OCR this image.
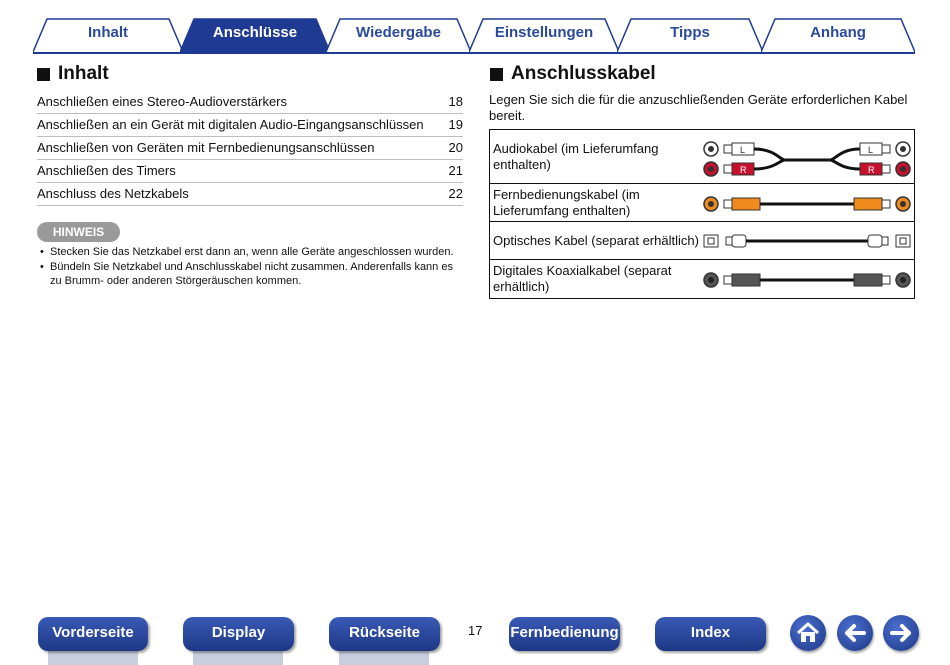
Inhalt	Anschlüsse	Wiedergabe	Einstellungen	Tipps	Anhang
Inhalt
Anschließen eines Stereo-Audioverstärkers	18
Anschließen an ein Gerät mit digitalen Audio-Eingangsanschlüssen 19
Anschließen von Geräten mit Fernbedienungsanschlüssen	20
Anschließen des Timers	21
Anschluss des Netzkabels	22
HINWEIS
• Stecken Sie das Netzkabel erst dann an, wenn alle Geräte angeschlossen wurden.
• Bündeln Sie Netzkabel und Anschlusskabel nicht zusammen. Anderenfalls kann es zu Brumm- oder anderen Störgeräuschen kommen.
Anschlusskabel
Legen Sie sich die für die anzuschließenden Geräte erforderlichen Kabel bereit.
Audiokabel (im Lieferumfang enthalten)
L
R
L
R
Fernbedienungskabel (im Lieferumfang enthalten)
Optisches Kabel (separat erhältlich)
Digitales Koaxialkabel (separat erhältlich)
Vorderseite	Display	Rückseite	17 Fernbedienung	Index
